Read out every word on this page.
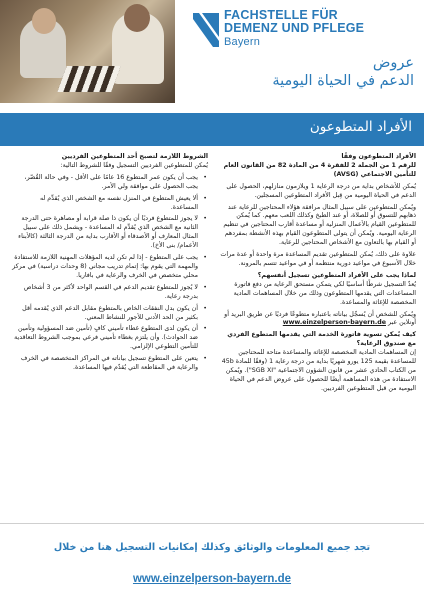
FACHSTELLE FÜR
DEMENZ UND PFLEGE
Bayern
عروض
الدعم في الحياة اليومية
الأفراد المتطوعون
الأفراد المتطوعون وفقًا
للرقم 1 من الجملة 2 للفقرة 4 من المادة 82 من القانون العام للتأمين الاجتماعي (AVSG)
يُمكن للأشخاص بداية من درجة الرعاية 1 ويلازمون منازلهم، الحصول على الدعم في الحياة اليومية من قِبل الأفراد المتطوعين المسجلين.
ويُمكن للمتطوعين على سبيل المثال مرافقة هؤلاء المحتاجين للرعاية عند ذهابهم للتسوق أو للصلاة، أو عند الطبخ وكذلك اللعب معهم. كما يُمكن للمتطوعين القيام بالأعمال المنزلية أو مساعدة أقارب المحتاجين في تنظيم الرعاية اليومية. ويُمكن أن يتولى المتطوعون القيام بهذه الأنشطة بمفردهم أو القيام بها بالتعاون مع الأشخاص المحتاجين للرعاية.
علاوة على ذلك، يُمكن للمتطوعين تقديم المساعدة مرة واحدة أو عدة مرات خلال الأسبوع في مواعيد دورية منتظمة أو في مواعيد تتسم بالمرونة.
لماذا يجب على الأفراد المتطوعين تسجيل أنفسهم؟
يُعدّ التسجيل شرطًا أساسيًا لكي يتمكن مستحق الرعاية من دفع فاتورة المساعدات التي يقدمها المتطوعون وذلك من خلال المساهمات المادية المخصصة للإغاثة والمساعدة.
ويُمكن للشخص أن يُسجّل بياناته باعتباره متطوعًا فرديًا عن طريق البريد أو أونلاين عبر www.einzelperson-bayern.de
كيف يُمكن تسوية فاتورة الخدمة التي يقدمها المتطوع الفردي مع صندوق الرعاية؟
إن المساهمات المادية المخصصة للإغاثة والمساعدة متاحة للمحتاجين للمساعدة بقيمة 125 يورو شهريًا بداية من درجة رعاية 1 (وفقًا للمادة 45b من الكتاب الحادي عشر من قانون الشؤون الاجتماعية "SGB XI"). ويُمكن الاستفادة من هذه المساهمة أيضًا للحصول على عروض الدعم في الحياة اليومية من قبل المتطوعين الفرديين.
الشروط اللازمة لتصبح أحد المتطوعين الفرديين
يُمكن للمتطوعين الفرديين التسجيل وفقًا للشروط التالية:
• يجب أن يكون عمر المتطوع 16 عامًا على الأقل - وفي حالة القُصّر، يجب الحصول على موافقة ولي الأمر.
• ألا يعيش المتطوع في المنزل نفسه مع الشخص الذي يُقدِّم له المساعدة.
• لا يجوز للمتطوع فرديًا أن يكون ذا صلة قرابة أو مصاهرة حتى الدرجة الثانية مع الشخص الذي يُقدِّم له المساعدة - ويشمل ذلك على سبيل المثال المعارف أو الأصدقاء أو الأقارب بداية من الدرجة الثالثة (كالأبناء الأعمام/ بنى الأخ).
• يجب على المتطوع - إذا لم تكن لديه المؤهلات المهنية اللازمة للاستفادة والمهمة التي يقوم بها: إتمام تدريب مجاني (8 وحدات دراسية) في مركز محلي متخصص في الخرف والرعاية في بافاريا.
• لا يُجوز للمتطوع تقديم الدعم في القسم الواحد لأكثر من 3 أشخاص بدرجة رعاية.
• أن يكون بدل النفقات الخاص بالمتطوع مقابل الدعم الذي يُقدمه أقل بكثير من الحد الأدنى للأجور للنشاط المعني.
• أن يكون لدى المتطوع غطاء تأميني كافٍ (تأمين ضد المسؤولية وتأمين ضد الحوادث). وأن يلتزم بغطاء تأميني فرعي بموجب الشروط التعاقدية للتأمين التطوعي الإلزامي.
• يتعين على المتطوع تسجيل بياناته في المراكز المتخصصة في الخرف والرعاية في المقاطعة التي يُقدّم فيها المساعدة.
تجد جميع المعلومات والوثائق وكذلك إمكانيات التسجيل هنا من خلال
www.einzelperson-bayern.de
